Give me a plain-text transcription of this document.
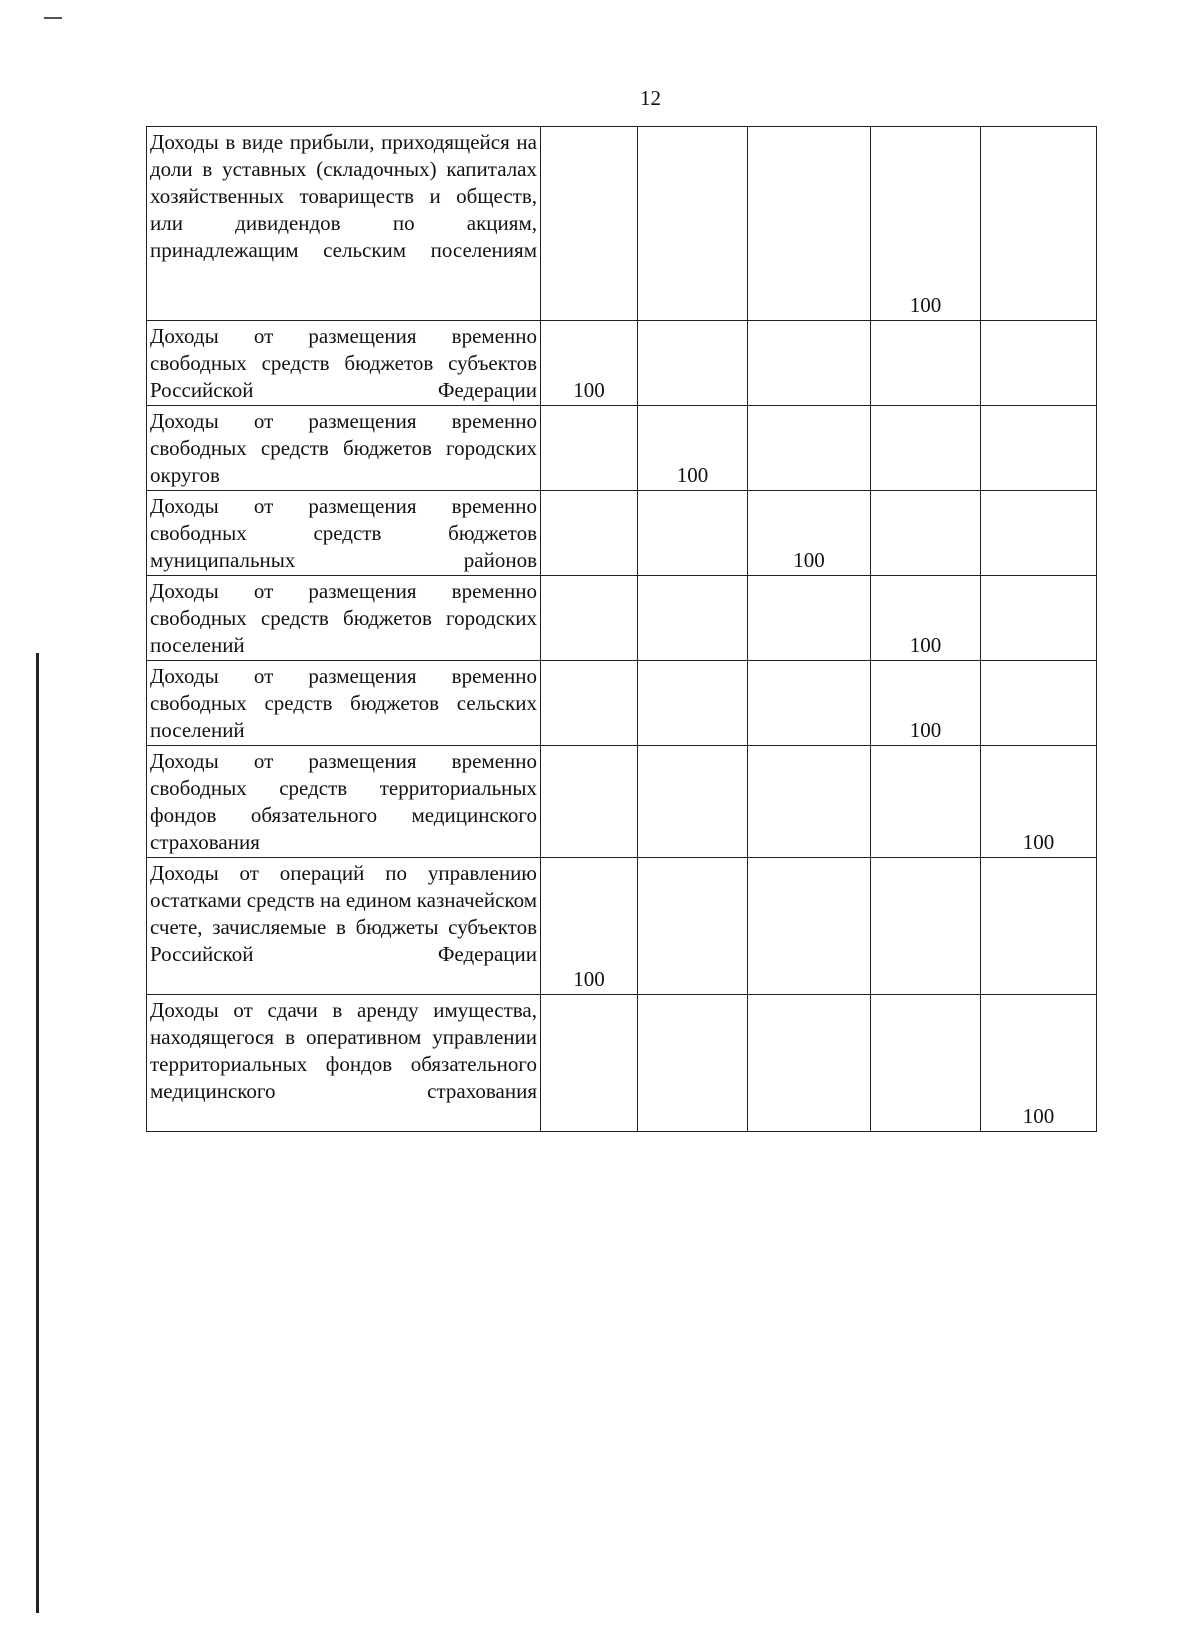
12
Доходы в виде прибыли, приходящейся на доли в уставных (складочных) капиталах хозяйственных товариществ и обществ, или дивидендов по акциям, принадлежащим сельским поселениям				100	

Доходы от размещения временно свободных средств бюджетов субъектов Российской Федерации	100				

Доходы от размещения временно свободных средств бюджетов городских округов		100			

Доходы от размещения временно свободных средств бюджетов муниципальных районов			100		

Доходы от размещения временно свободных средств бюджетов городских поселений				100	

Доходы от размещения временно свободных средств бюджетов сельских поселений				100	

Доходы от размещения временно свободных средств территориальных фондов обязательного медицинского страхования					100

Доходы от операций по управлению остатками средств на едином казначейском счете, зачисляемые в бюджеты субъектов Российской Федерации	100				

Доходы от сдачи в аренду имущества, находящегося в оперативном управлении территориальных фондов обязательного медицинского страхования					100
